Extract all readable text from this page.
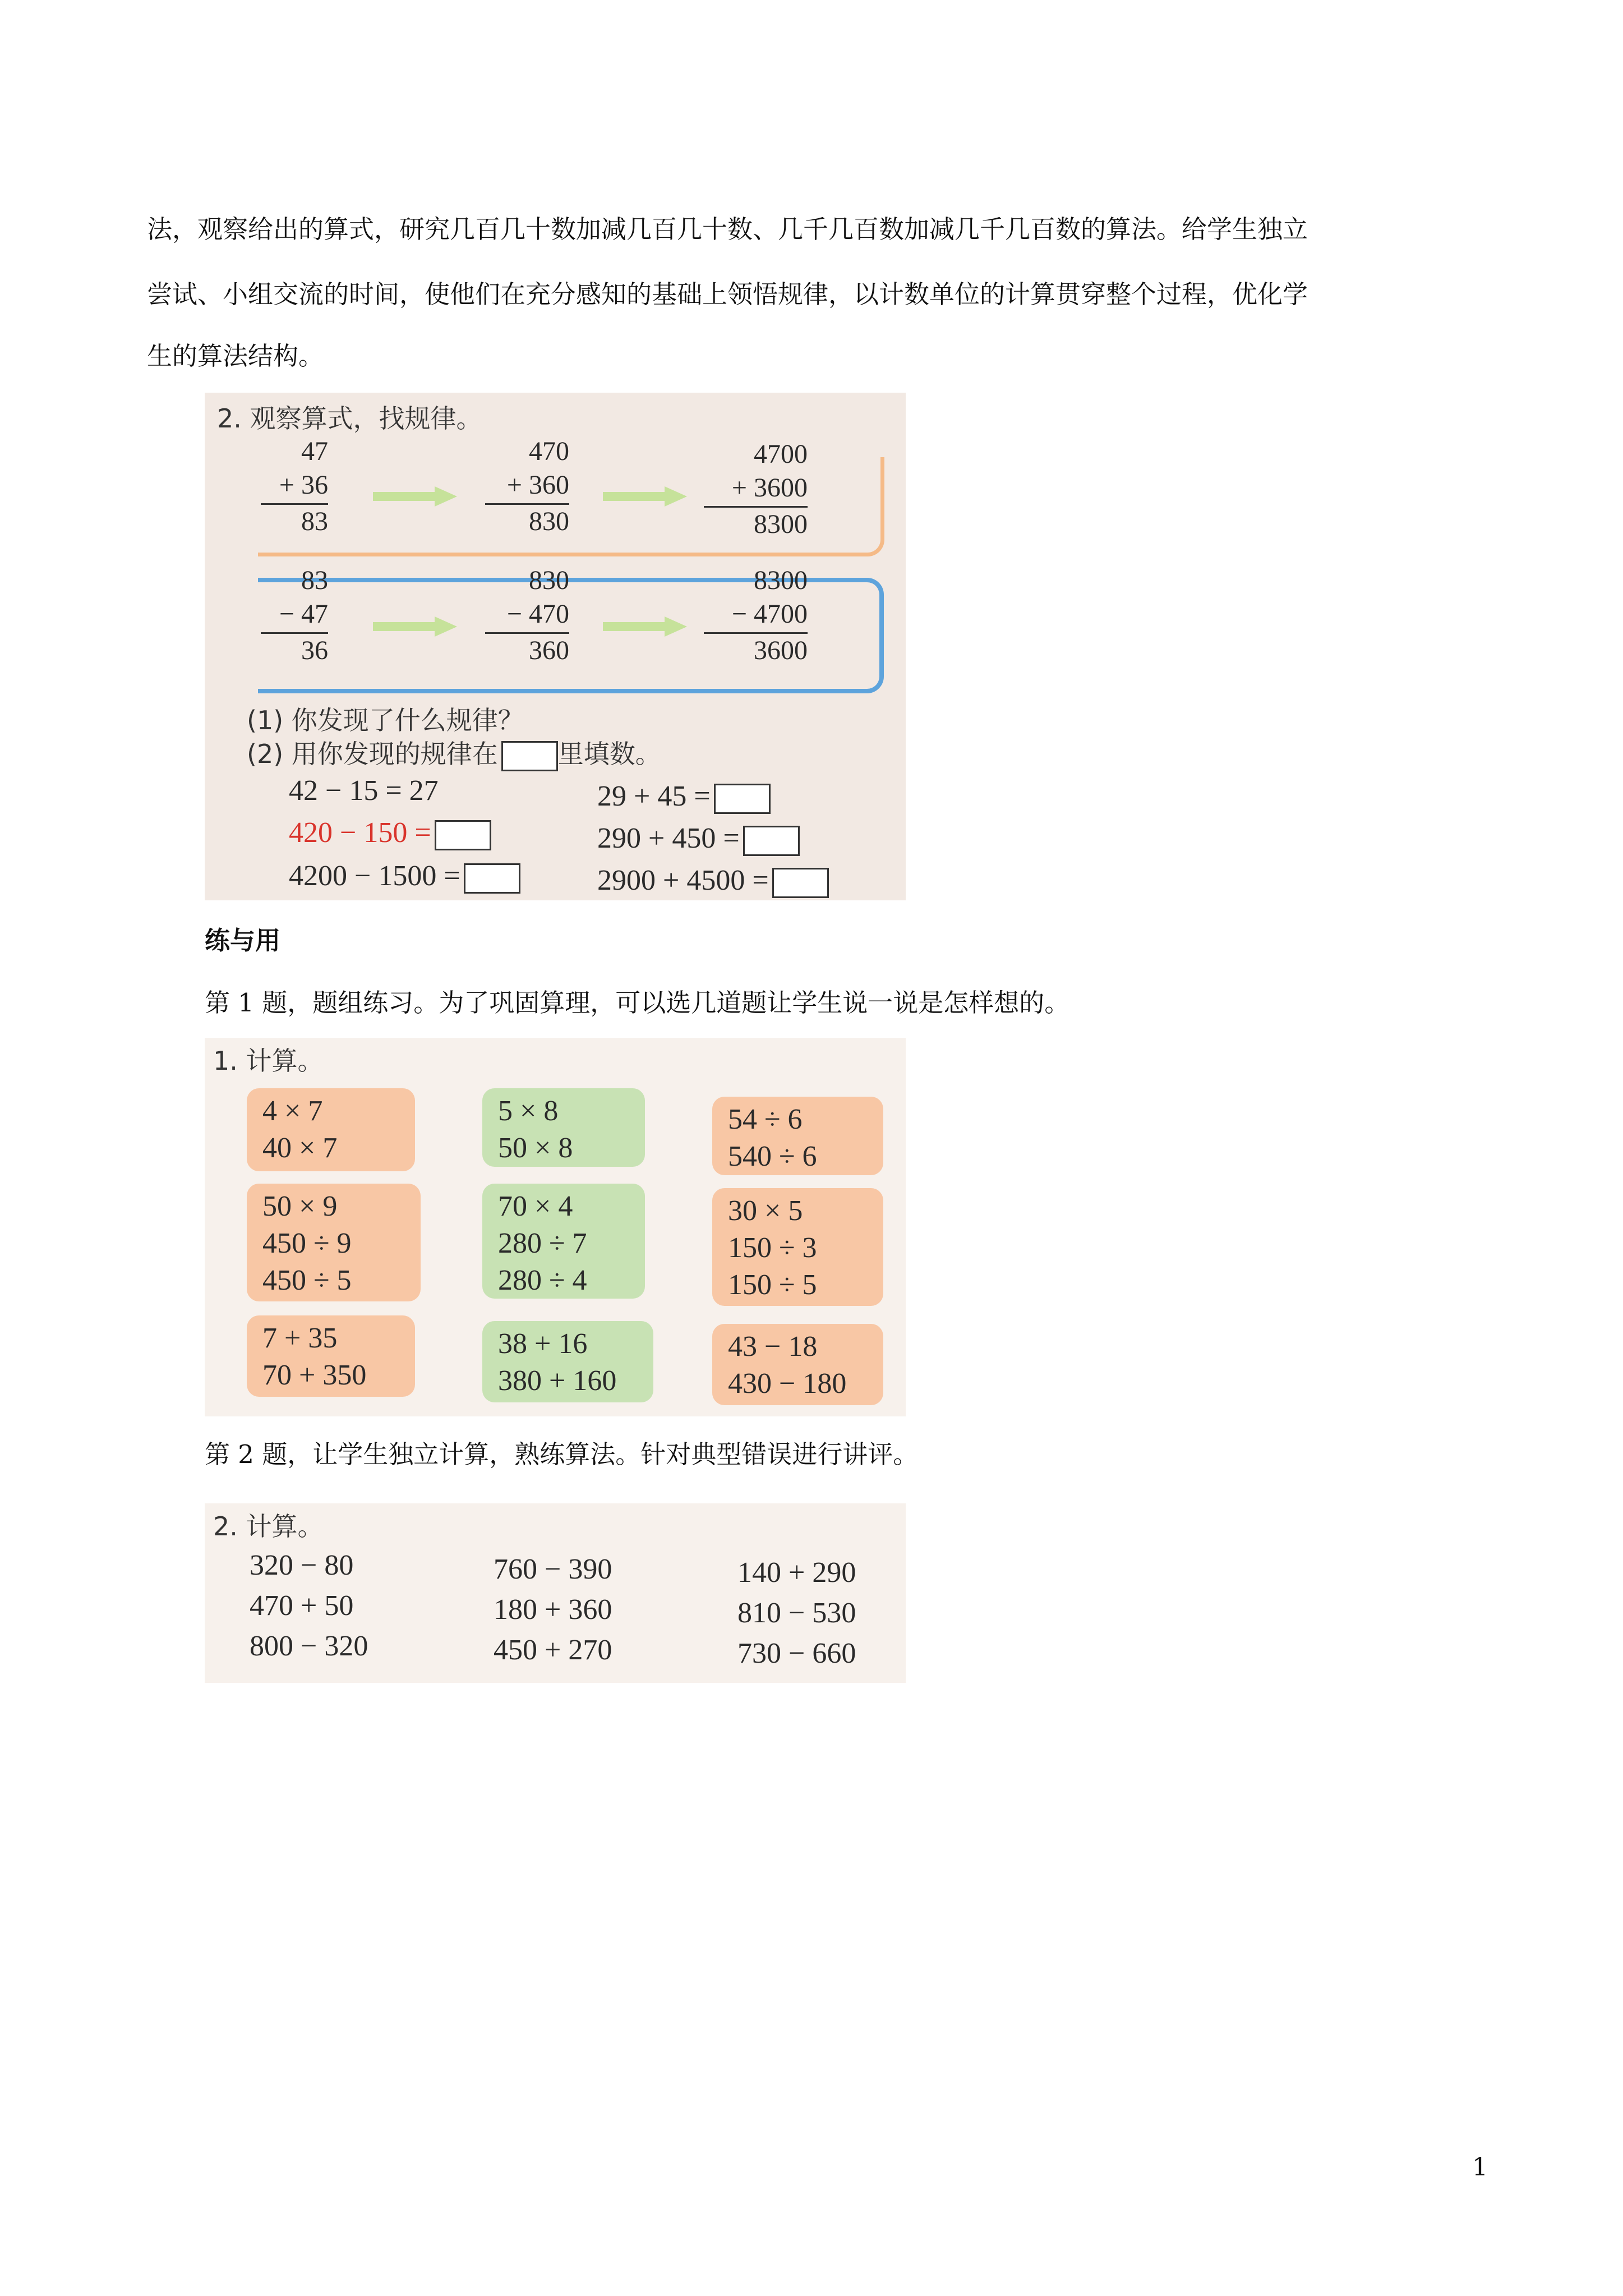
法，观察给出的算式，研究几百几十数加减几百几十数、几千几百数加减几千几百数的算法。给学生独立
尝试、小组交流的时间，使他们在充分感知的基础上领悟规律，以计数单位的计算贯穿整个过程，优化学
生的算法结构。
2. 观察算式，找规律。
47
+ 36
83
470
+ 360
830
4700
+ 3600
8300
83
− 47
36
830
− 470
360
8300
− 4700
3600
(1) 你发现了什么规律？
(2) 用你发现的规律在 里填数。
42 − 15 = 27
420 − 150 =
4200 − 1500 =
29 + 45 =
290 + 450 =
2900 + 4500 =
练与用
第 1 题，题组练习。为了巩固算理，可以选几道题让学生说一说是怎样想的。
1. 计算。
4 × 7
40 × 7
5 × 8
50 × 8
54 ÷ 6
540 ÷ 6
50 × 9
450 ÷ 9
450 ÷ 5
70 × 4
280 ÷ 7
280 ÷ 4
30 × 5
150 ÷ 3
150 ÷ 5
7 + 35
70 + 350
38 + 16
380 + 160
43 − 18
430 − 180
第 2 题，让学生独立计算，熟练算法。针对典型错误进行讲评。
2. 计算。
320 − 80
470 + 50
800 − 320
760 − 390
180 + 360
450 + 270
140 + 290
810 − 530
730 − 660
1
